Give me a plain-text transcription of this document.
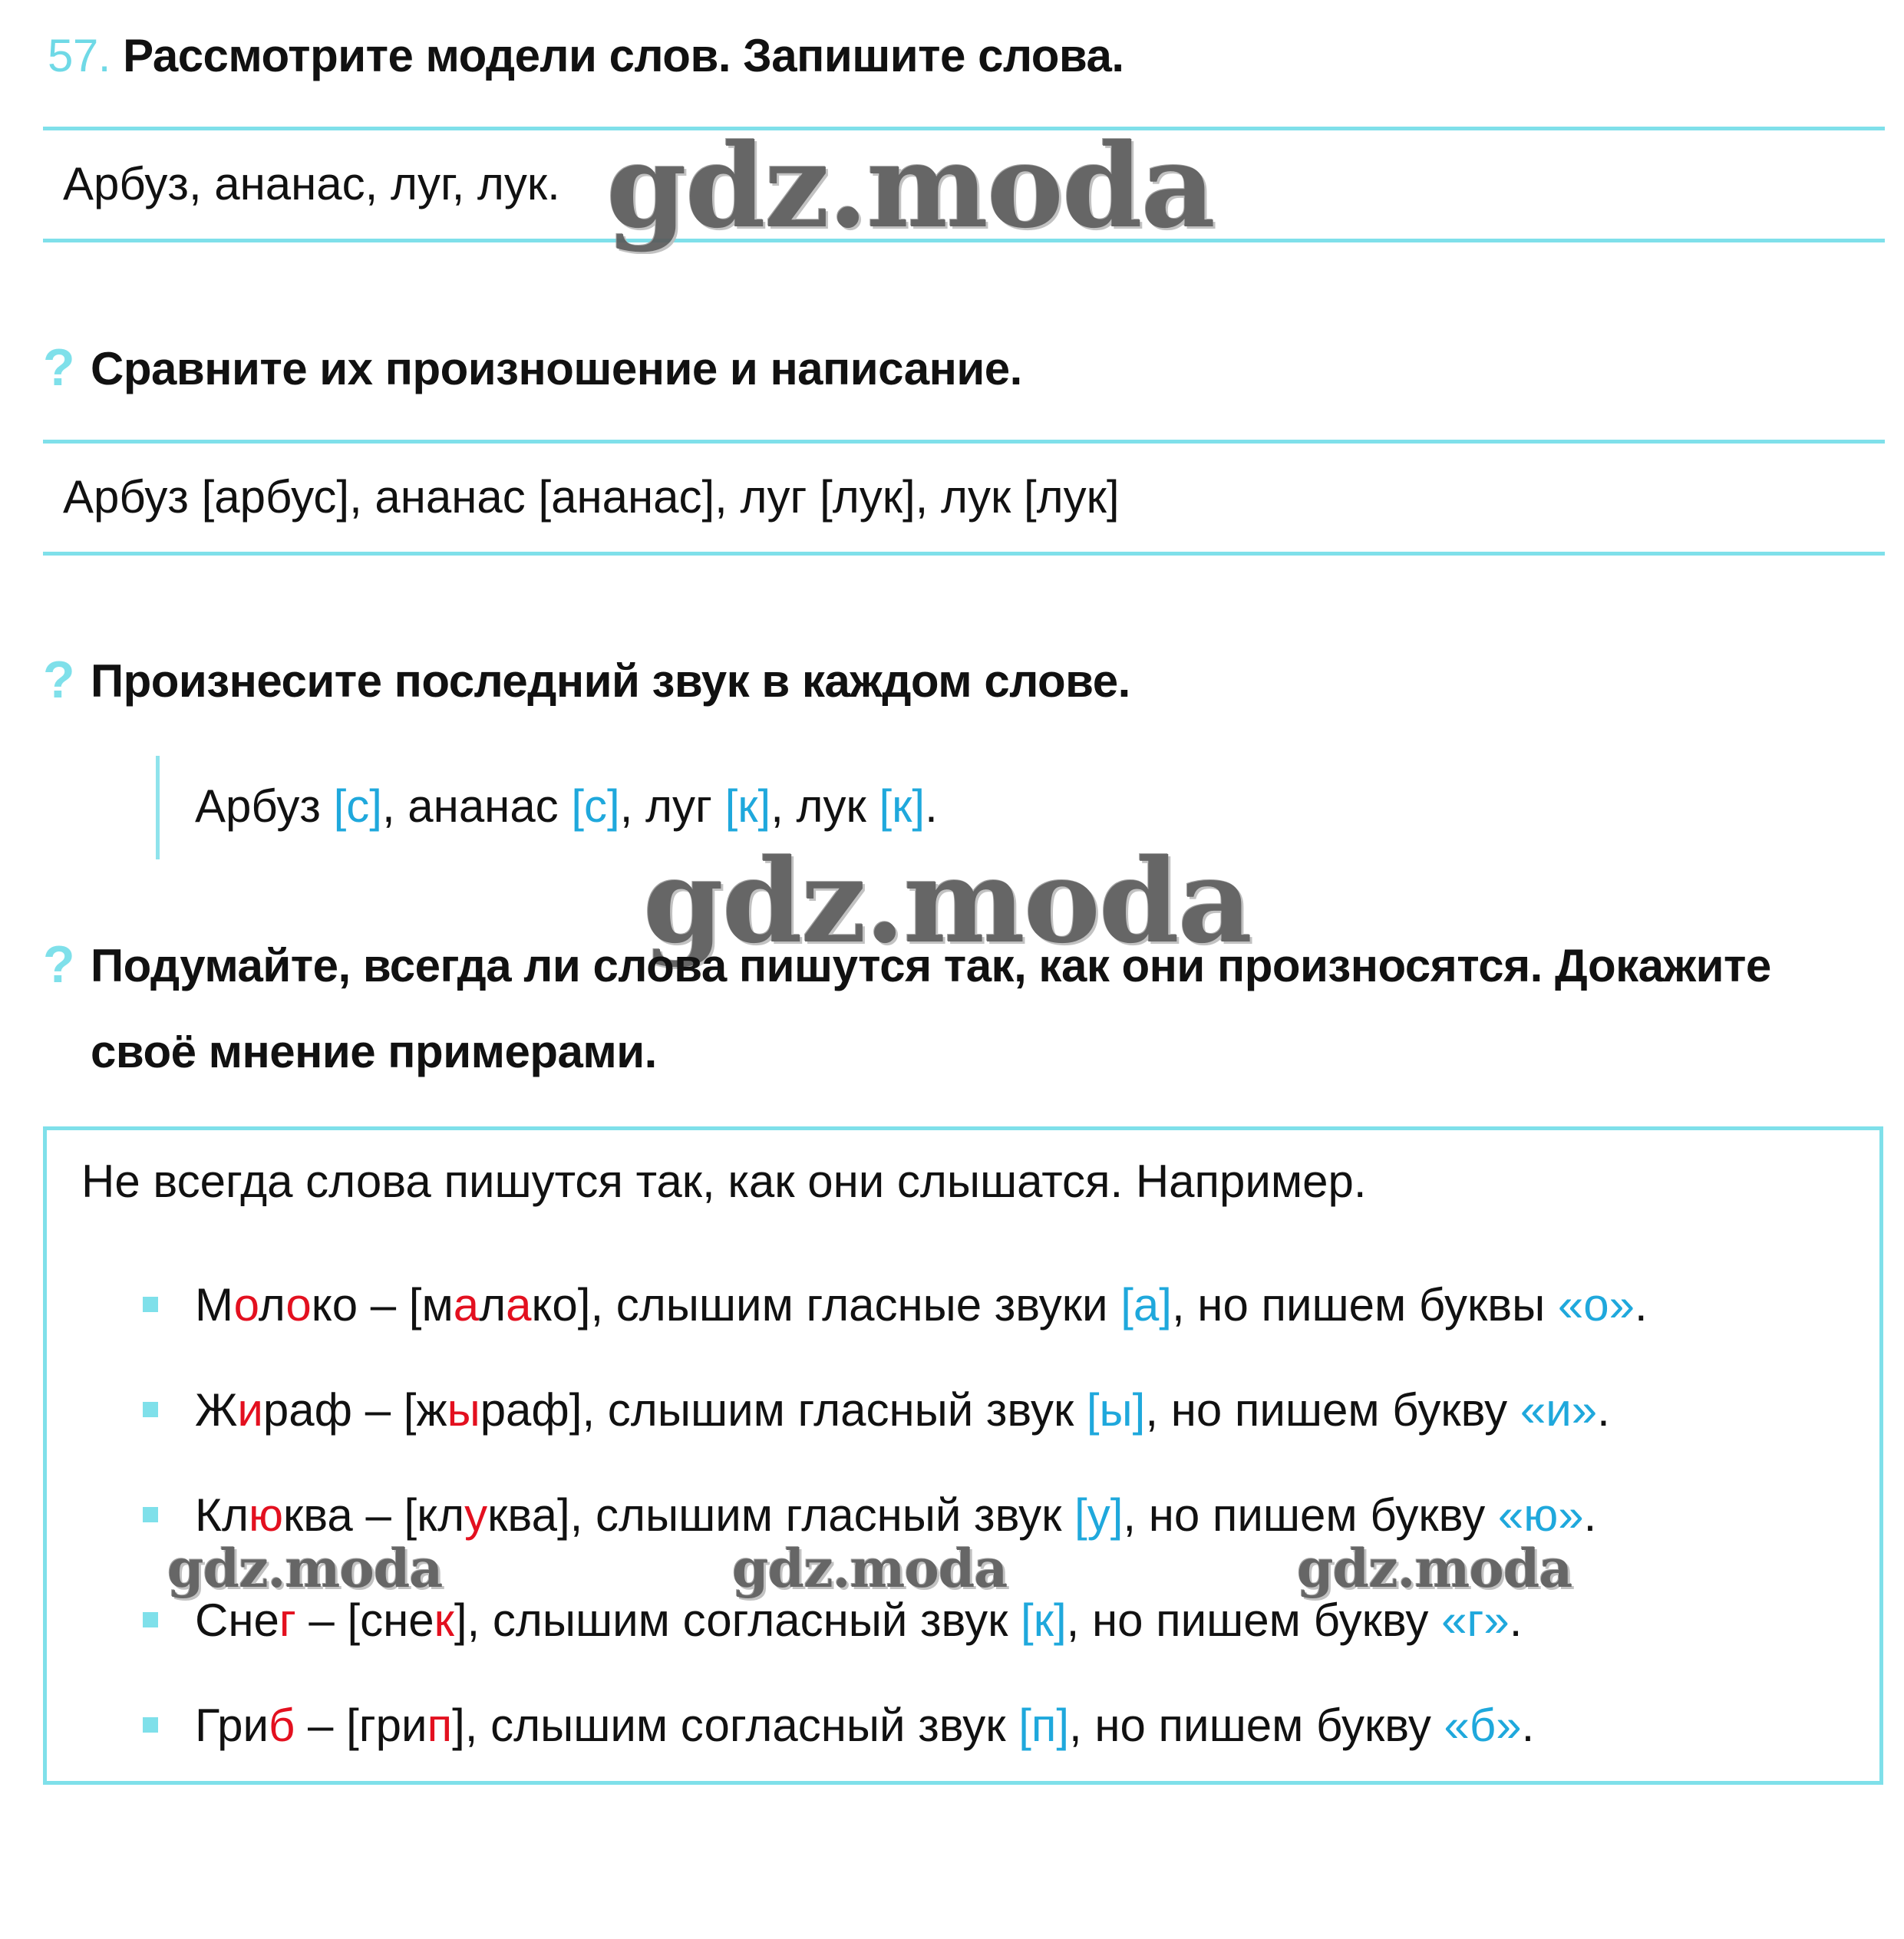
57. Рассмотрите модели слов. Запишите слова.
Арбуз, ананас, луг, лук. gdz.moda
? Сравните их произношение и написание.
Арбуз [арбус], ананас [ананас], луг [лук], лук [лук]
? Произнесите последний звук в каждом слове.
Арбуз [с], ананас [с], луг [к], лук [к].
gdz.moda
? Подумайте, всегда ли слова пишутся так, как они произносятся. Докажите
своё мнение примерами.
Не всегда слова пишутся так, как они слышатся. Например.
Молоко – [малако], слышим гласные звуки [а], но пишем буквы «о».
Жираф – [жыраф], слышим гласный звук [ы], но пишем букву «и».
Клюква – [клуква], слышим гласный звук [у], но пишем букву «ю».
gdz.moda	gdz.moda	gdz.moda
Снег – [снек], слышим согласный звук [к], но пишем букву «г».
Гриб – [грип], слышим согласный звук [п], но пишем букву «б».
